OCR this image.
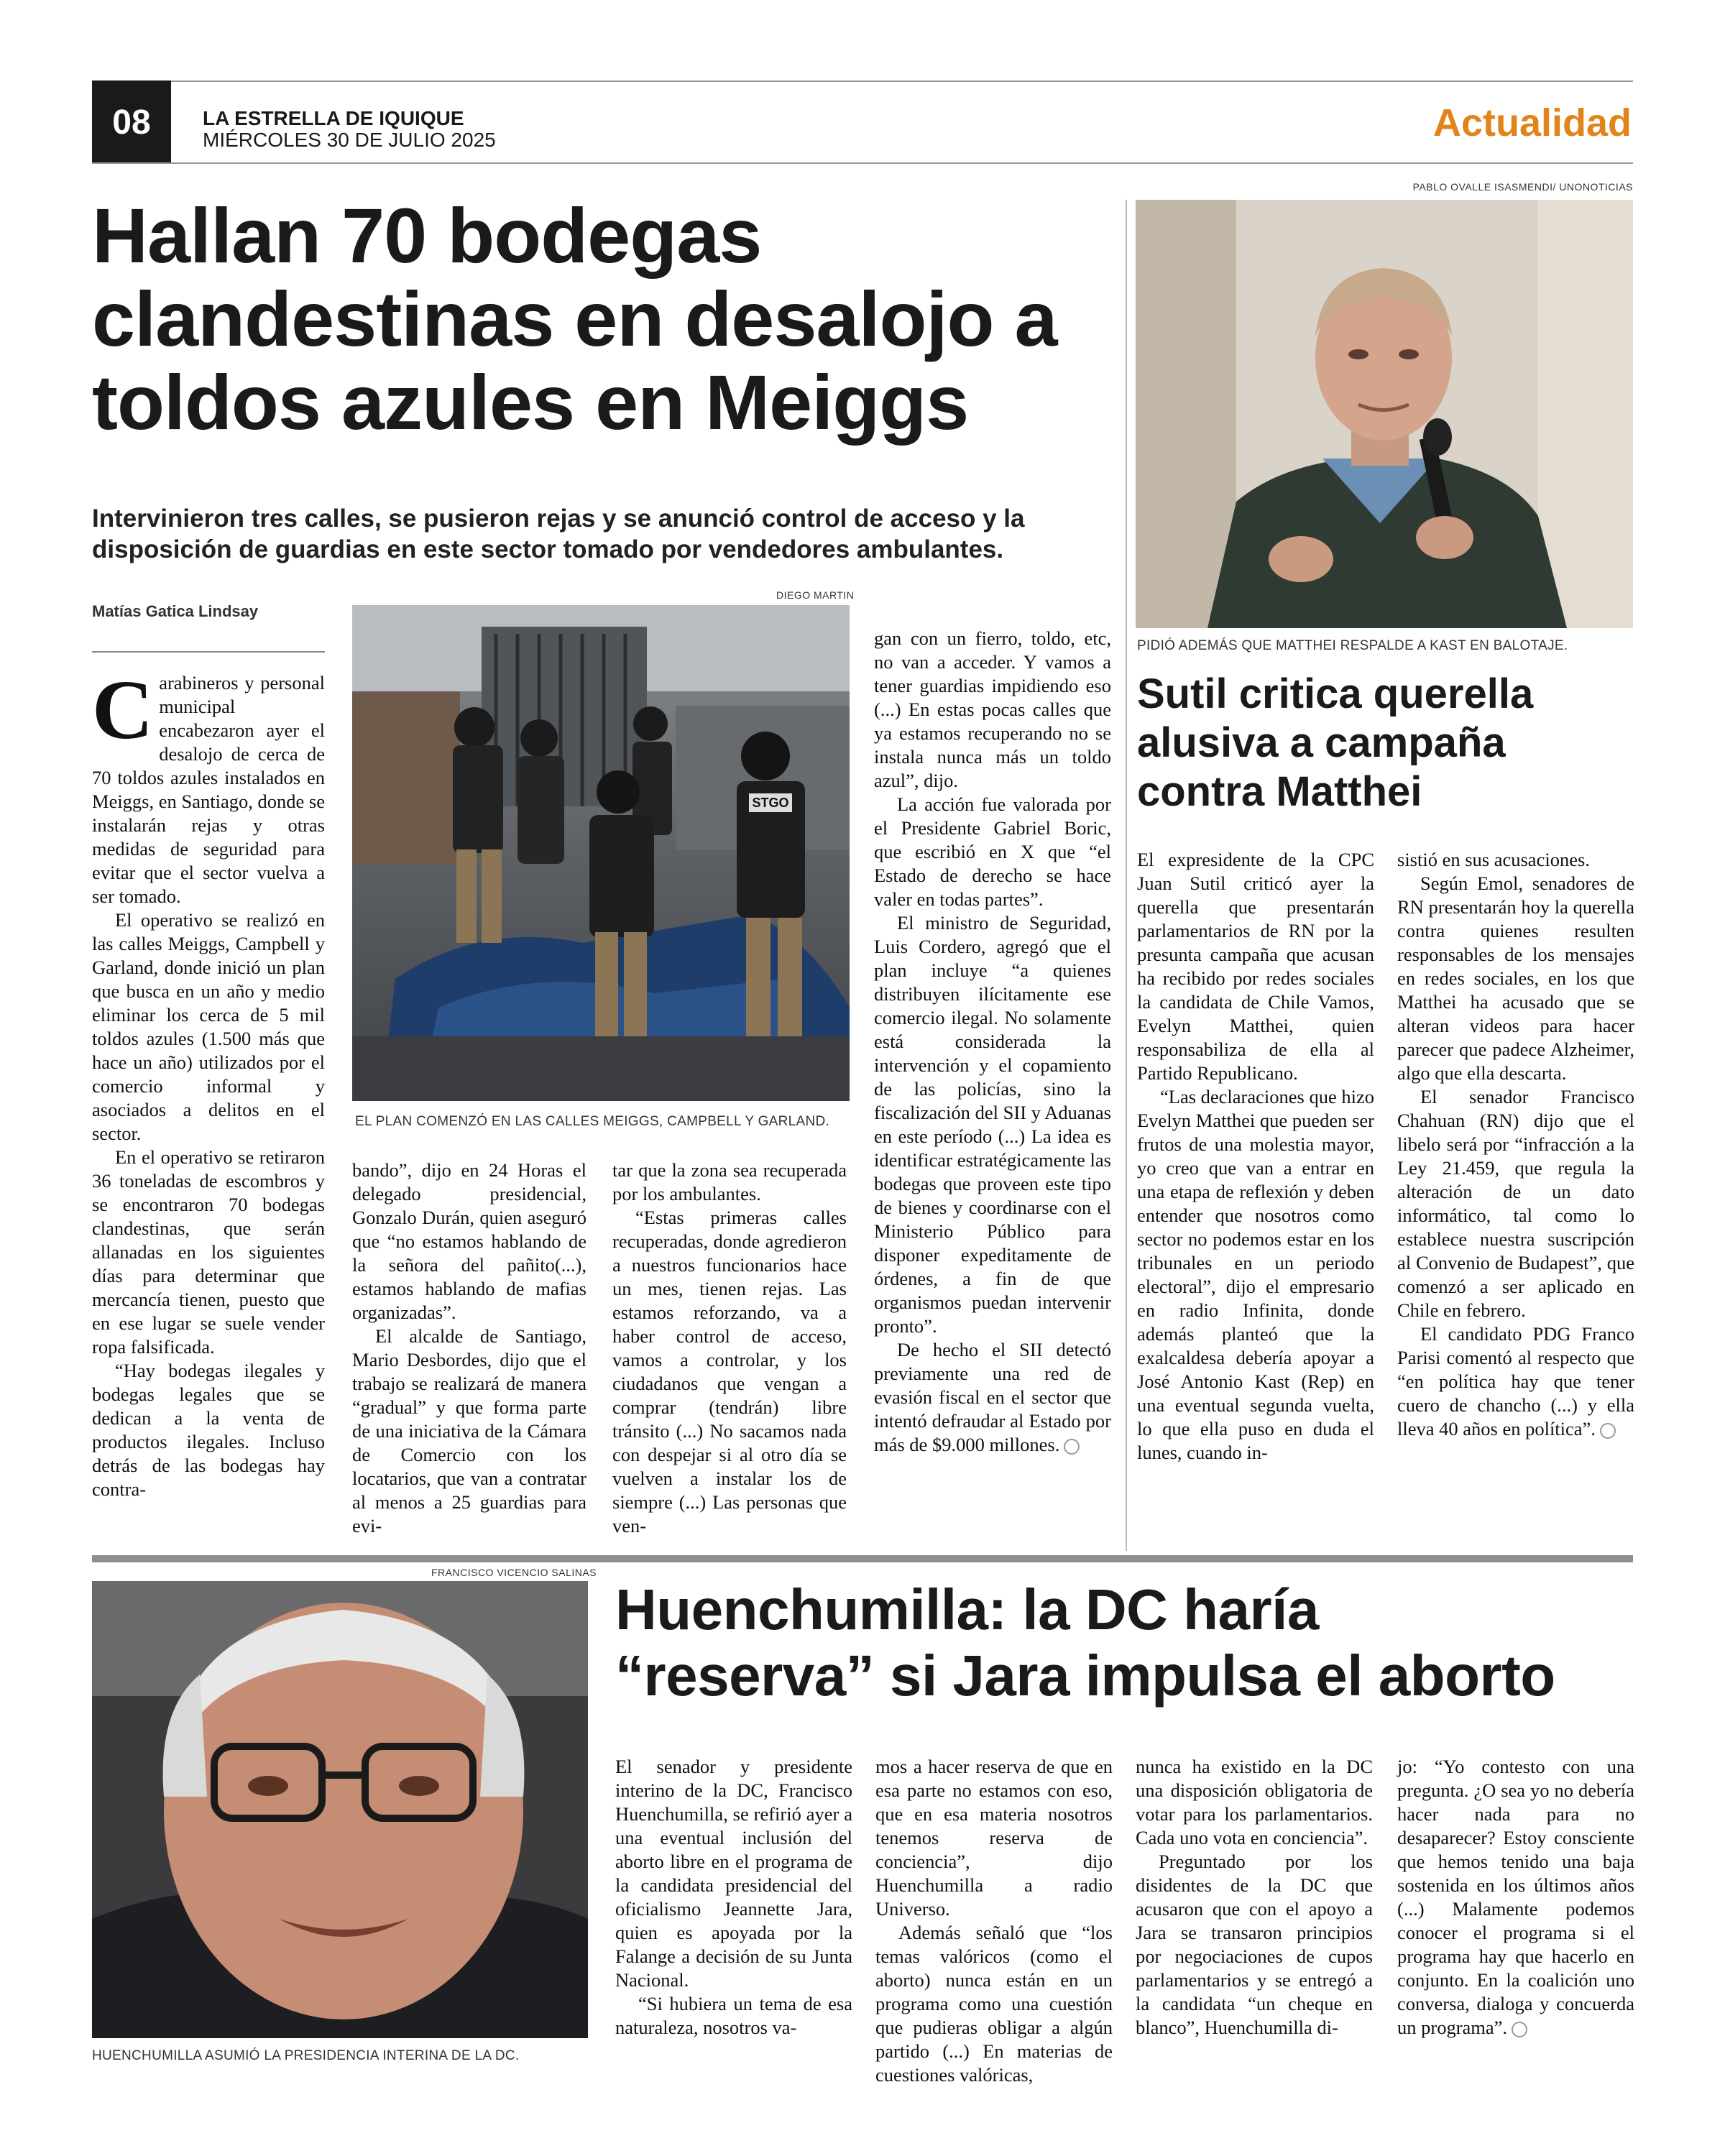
08	LA ESTRELLA DE IQUIQUE
MIÉRCOLES 30 DE JULIO 2025	Actualidad
Hallan 70 bodegas
clandestinas en desalojo a
toldos azules en Meiggs
Intervinieron tres calles, se pusieron rejas y se anunció control de acceso y la
disposición de guardias en este sector tomado por vendedores ambulantes.
Matías Gatica Lindsay
DIEGO MARTIN
STGO
EL PLAN COMENZÓ EN LAS CALLES MEIGGS, CAMPBELL Y GARLAND.

Carabineros y personal municipal encabezaron ayer el desalojo de cerca de 70 toldos azules instalados en Meiggs, en Santiago, donde se instalarán rejas y otras medidas de seguridad para evitar que el sector vuelva a ser tomado.

El operativo se realizó en las calles Meiggs, Campbell y Garland, donde inició un plan que busca en un año y medio eliminar los cerca de 5 mil toldos azules (1.500 más que hace un año) utilizados por el comercio informal y asociados a delitos en el sector.

En el operativo se retiraron 36 toneladas de escombros y se encontraron 70 bodegas clandestinas, que serán allanadas en los siguientes días para determinar que mercancía tienen, puesto que en ese lugar se suele vender ropa falsificada.

“Hay bodegas ilegales y bodegas legales que se dedican a la venta de productos ilegales. Incluso detrás de las bodegas hay contra-

bando”, dijo en 24 Horas el delegado presidencial, Gonzalo Durán, quien aseguró que “no estamos hablando de la señora del pañito(...), estamos hablando de mafias organizadas”.

El alcalde de Santiago, Mario Desbordes, dijo que el trabajo se realizará de manera “gradual” y que forma parte de una iniciativa de la Cámara de Comercio con los locatarios, que van a contratar al menos a 25 guardias para evi-

tar que la zona sea recuperada por los ambulantes.

“Estas primeras calles recuperadas, donde agredieron a nuestros funcionarios hace un mes, tienen rejas. Las estamos reforzando, va a haber control de acceso, vamos a controlar, y los ciudadanos que vengan a comprar (tendrán) libre tránsito (...) No sacamos nada con despejar si al otro día se vuelven a instalar los de siempre (...) Las personas que ven-

gan con un fierro, toldo, etc, no van a acceder. Y vamos a tener guardias impidiendo eso (...) En estas pocas calles que ya estamos recuperando no se instala nunca más un toldo azul”, dijo.

La acción fue valorada por el Presidente Gabriel Boric, que escribió en X que “el Estado de derecho se hace valer en todas partes”.

El ministro de Seguridad, Luis Cordero, agregó que el plan incluye “a quienes distribuyen ilícitamente ese comercio ilegal. No solamente está considerada la intervención y el copamiento de las policías, sino la fiscalización del SII y Aduanas en este período (...) La idea es identificar estratégicamente las bodegas que proveen este tipo de bienes y coordinarse con el Ministerio Público para disponer expeditamente de órdenes, a fin de que organismos puedan intervenir pronto”.

De hecho el SII detectó previamente una red de evasión fiscal en el sector que intentó defraudar al Estado por más de $9.000 millones.

PABLO OVALLE ISASMENDI/ UNONOTICIAS
PIDIÓ ADEMÁS QUE MATTHEI RESPALDE A KAST EN BALOTAJE.
Sutil critica querella
alusiva a campaña
contra Matthei

El expresidente de la CPC Juan Sutil criticó ayer la querella que presentarán parlamentarios de RN por la presunta campaña que acusan ha recibido por redes sociales la candidata de Chile Vamos, Evelyn Matthei, quien responsabiliza de ella al Partido Republicano.

“Las declaraciones que hizo Evelyn Matthei que pueden ser frutos de una molestia mayor, yo creo que van a entrar en una etapa de reflexión y deben entender que nosotros como sector no podemos estar en los tribunales en un periodo electoral”, dijo el empresario en radio Infinita, donde además planteó que la exalcaldesa debería apoyar a José Antonio Kast (Rep) en una eventual segunda vuelta, lo que ella puso en duda el lunes, cuando in-

sistió en sus acusaciones.

Según Emol, senadores de RN presentarán hoy la querella contra quienes resulten responsables de los mensajes en redes sociales, en los que Matthei ha acusado que se alteran videos para hacer parecer que padece Alzheimer, algo que ella descarta.

El senador Francisco Chahuan (RN) dijo que el libelo será por “infracción a la Ley 21.459, que regula la alteración de un dato informático, tal como lo establece nuestra suscripción al Convenio de Budapest”, que comenzó a ser aplicado en Chile en febrero.

El candidato PDG Franco Parisi comentó al respecto que “en política hay que tener cuero de chancho (...) y ella lleva 40 años en política”.

FRANCISCO VICENCIO SALINAS
HUENCHUMILLA ASUMIÓ LA PRESIDENCIA INTERINA DE LA DC.
Huenchumilla: la DC haría
“reserva” si Jara impulsa el aborto

El senador y presidente interino de la DC, Francisco Huenchumilla, se refirió ayer a una eventual inclusión del aborto libre en el programa de la candidata presidencial del oficialismo Jeannette Jara, quien es apoyada por la Falange a decisión de su Junta Nacional.

“Si hubiera un tema de esa naturaleza, nosotros va-

mos a hacer reserva de que en esa parte no estamos con eso, que en esa materia nosotros tenemos reserva de conciencia”, dijo Huenchumilla a radio Universo.

Además señaló que “los temas valóricos (como el aborto) nunca están en un programa como una cuestión que pudieras obligar a algún partido (...) En materias de cuestiones valóricas,

nunca ha existido en la DC una disposición obligatoria de votar para los parlamentarios. Cada uno vota en conciencia”.

Preguntado por los disidentes de la DC que acusaron que con el apoyo a Jara se transaron principios por negociaciones de cupos parlamentarios y se entregó a la candidata “un cheque en blanco”, Huenchumilla di-

jo: “Yo contesto con una pregunta. ¿O sea yo no debería hacer nada para no desaparecer? Estoy consciente que hemos tenido una baja sostenida en los últimos años (...) Malamente podemos conocer el programa si el programa hay que hacerlo en conjunto. En la coalición uno conversa, dialoga y concuerda un programa”.
